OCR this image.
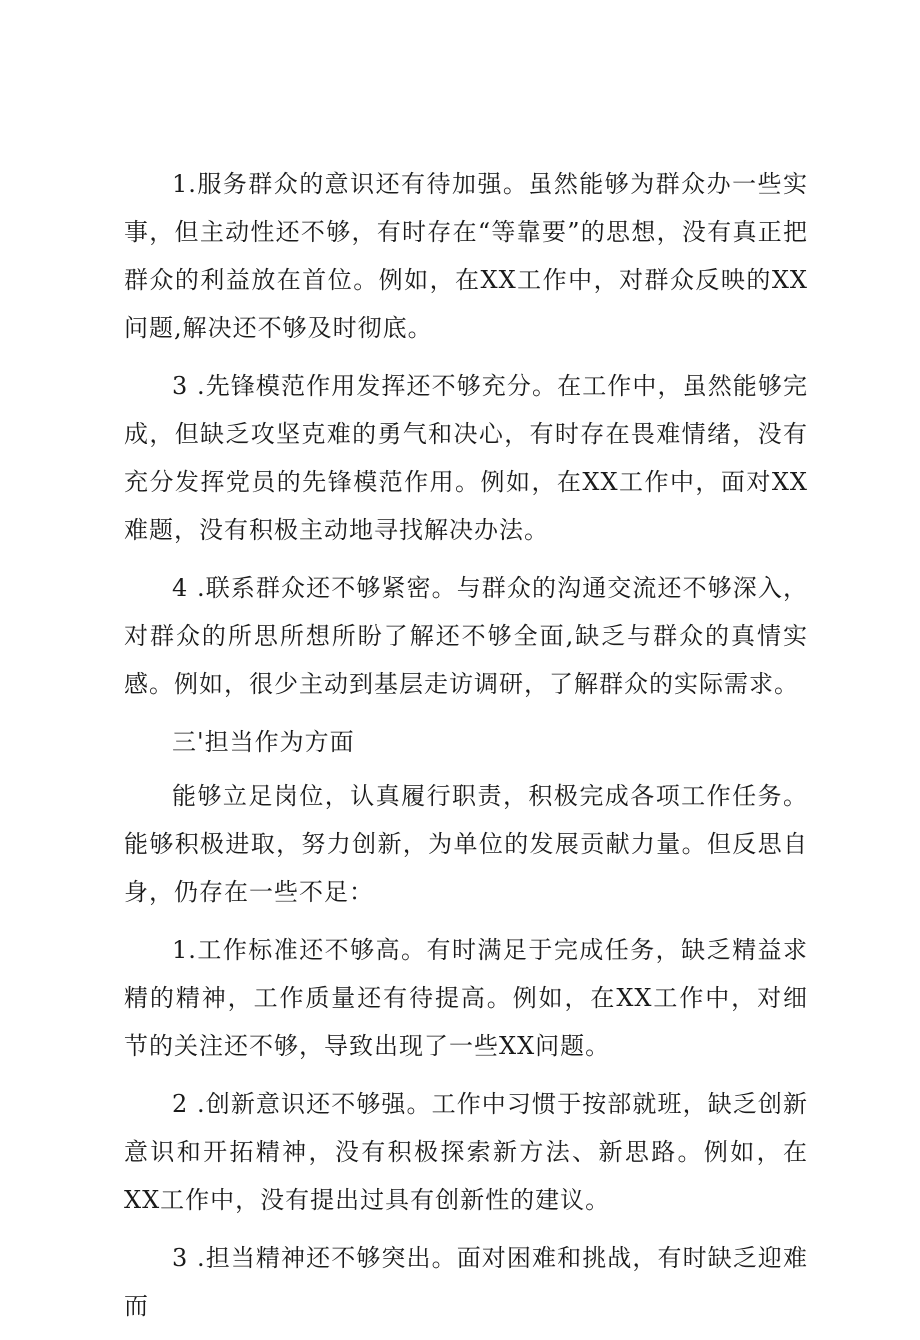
1.服务群众的意识还有待加强。虽然能够为群众办一些实事，但主动性还不够，有时存在“等靠要”的思想，没有真正把群众的利益放在首位。例如，在XX工作中，对群众反映的XX问题,解决还不够及时彻底。

3 .先锋模范作用发挥还不够充分。在工作中，虽然能够完成，但缺乏攻坚克难的勇气和决心，有时存在畏难情绪，没有充分发挥党员的先锋模范作用。例如，在XX工作中，面对XX难题，没有积极主动地寻找解决办法。

4 .联系群众还不够紧密。与群众的沟通交流还不够深入，对群众的所思所想所盼了解还不够全面,缺乏与群众的真情实感。例如，很少主动到基层走访调研，了解群众的实际需求。

三'担当作为方面

能够立足岗位，认真履行职责，积极完成各项工作任务。能够积极进取，努力创新，为单位的发展贡献力量。但反思自身，仍存在一些不足：

1.工作标准还不够高。有时满足于完成任务，缺乏精益求精的精神，工作质量还有待提高。例如，在XX工作中，对细节的关注还不够，导致出现了一些XX问题。

2 .创新意识还不够强。工作中习惯于按部就班，缺乏创新意识和开拓精神，没有积极探索新方法、新思路。例如，在XX工作中，没有提出过具有创新性的建议。

3 .担当精神还不够突出。面对困难和挑战，有时缺乏迎难而
